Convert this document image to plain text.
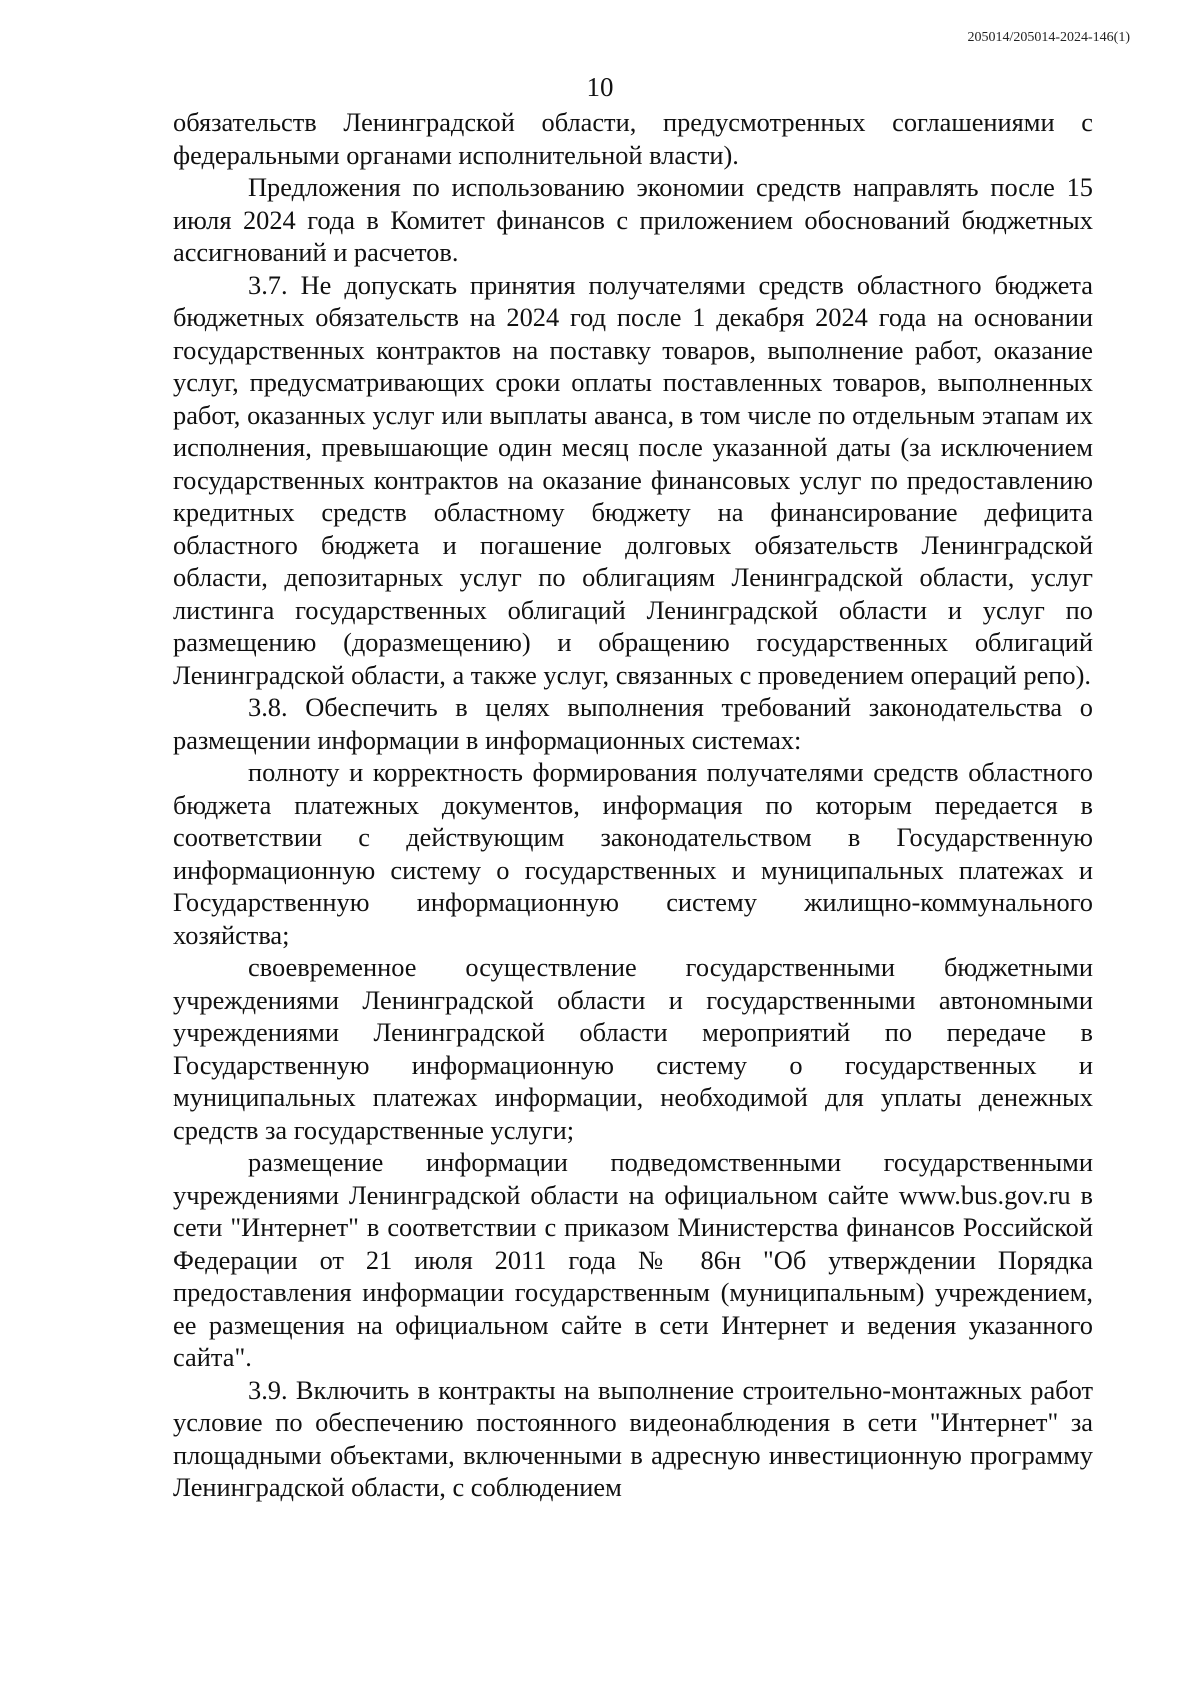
205014/205014-2024-146(1)
10

обязательств Ленинградской области, предусмотренных соглашениями с федеральными органами исполнительной власти).

Предложения по использованию экономии средств направлять после 15 июля 2024 года в Комитет финансов с приложением обоснований бюджетных ассигнований и расчетов.

3.7. Не допускать принятия получателями средств областного бюджета бюджетных обязательств на 2024 год после 1 декабря 2024 года на основании государственных контрактов на поставку товаров, выполнение работ, оказание услуг, предусматривающих сроки оплаты поставленных товаров, выполненных работ, оказанных услуг или выплаты аванса, в том числе по отдельным этапам их исполнения, превышающие один месяц после указанной даты (за исключением государственных контрактов на оказание финансовых услуг по предоставлению кредитных средств областному бюджету на финансирование дефицита областного бюджета и погашение долговых обязательств Ленинградской области, депозитарных услуг по облигациям Ленинградской области, услуг листинга государственных облигаций Ленинградской области и услуг по размещению (доразмещению) и обращению государственных облигаций Ленинградской области, а также услуг, связанных с проведением операций репо).

3.8. Обеспечить в целях выполнения требований законодательства о размещении информации в информационных системах:

полноту и корректность формирования получателями средств областного бюджета платежных документов, информация по которым передается в соответствии с действующим законодательством в Государственную информационную систему о государственных и муниципальных платежах и Государственную информационную систему жилищно-коммунального хозяйства;

своевременное осуществление государственными бюджетными учреждениями Ленинградской области и государственными автономными учреждениями Ленинградской области мероприятий по передаче в Государственную информационную систему о государственных и муниципальных платежах информации, необходимой для уплаты денежных средств за государственные услуги;

размещение информации подведомственными государственными учреждениями Ленинградской области на официальном сайте www.bus.gov.ru в сети "Интернет" в соответствии с приказом Министерства финансов Российской Федерации от 21 июля 2011 года № 86н "Об утверждении Порядка предоставления информации государственным (муниципальным) учреждением, ее размещения на официальном сайте в сети Интернет и ведения указанного сайта".

3.9. Включить в контракты на выполнение строительно-монтажных работ условие по обеспечению постоянного видеонаблюдения в сети "Интернет" за площадными объектами, включенными в адресную инвестиционную программу Ленинградской области, с соблюдением
